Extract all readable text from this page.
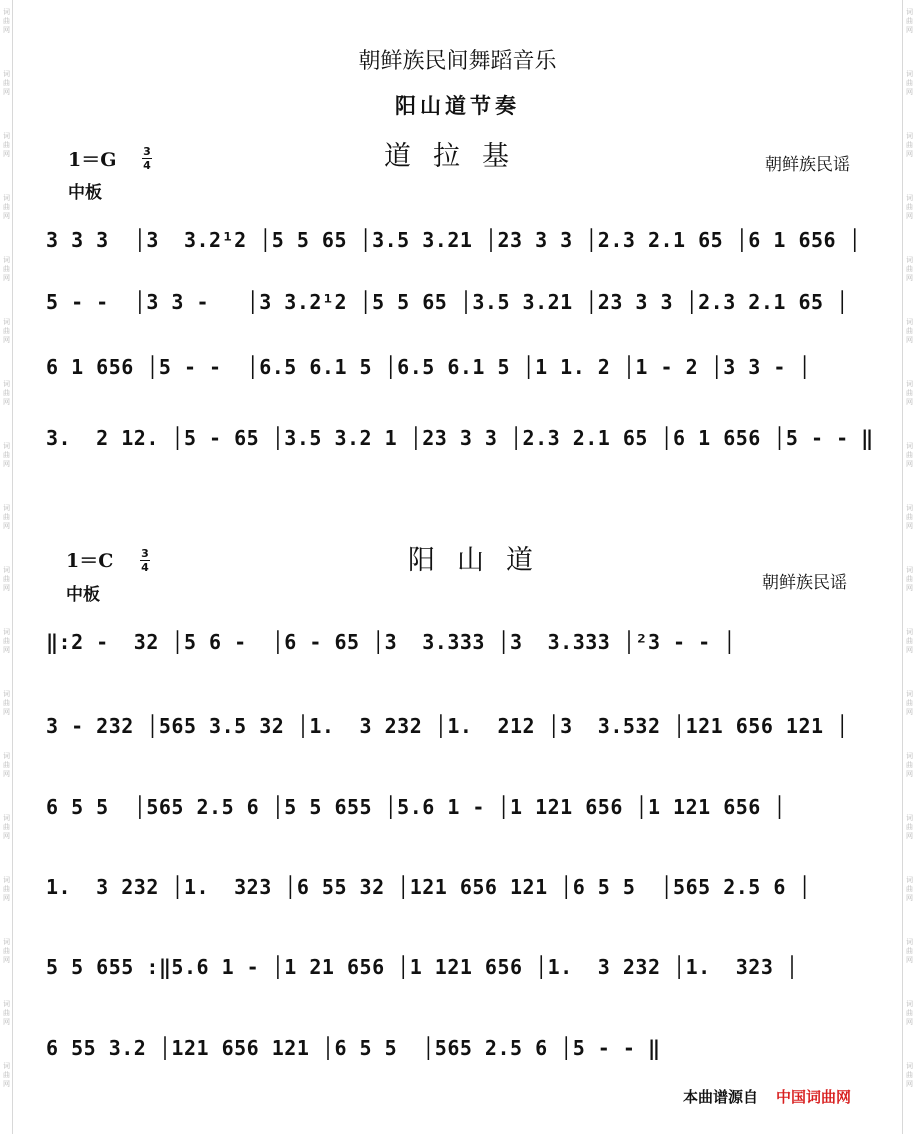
词曲网
词曲网
词曲网
词曲网
词曲网
词曲网
词曲网
词曲网
词曲网
词曲网
词曲网
词曲网
词曲网
词曲网
词曲网
词曲网
词曲网
词曲网
词曲网
词曲网
词曲网
词曲网
词曲网
词曲网
词曲网
词曲网
词曲网
词曲网
词曲网
词曲网
词曲网
词曲网
词曲网
词曲网
词曲网
词曲网
朝鲜族民间舞蹈音乐
阳山道节奏
道拉基
1＝G 3
4
中板
朝鲜族民谣
3 3 3  │3  3.2¹2 │5 5 65 │3.5 3.21 │23 3 3 │2.3 2.1 65 │6 1 656 │
5 - -  │3 3 -   │3 3.2¹2 │5 5 65 │3.5 3.21 │23 3 3 │2.3 2.1 65 │
6 1 656 │5 - -  │6.5 6.1 5 │6.5 6.1 5 │1 1. 2 │1 - 2 │3 3 - │
3.  2 12. │5 - 65 │3.5 3.2 1 │23 3 3 │2.3 2.1 65 │6 1 656 │5 - - ‖
阳山道
1＝C	3
4
中板
朝鲜族民谣
‖:2 -  32 │5 6 -  │6 - 65 │3  3.333 │3  3.333 │²3 - - │
3 - 232 │565 3.5 32 │1.  3 232 │1.  212 │3  3.532 │121 656 121 │
6 5 5  │565 2.5 6 │5 5 655 │5.6 1 - │1 121 656 │1 121 656 │
1.  3 232 │1.  323 │6 55 32 │121 656 121 │6 5 5  │565 2.5 6 │
5 5 655 :‖5.6 1 - │1 21 656 │1 121 656 │1.  3 232 │1.  323 │
6 55 3.2 │121 656 121 │6 5 5  │565 2.5 6 │5 - - ‖
本曲谱源自 中国词曲网
